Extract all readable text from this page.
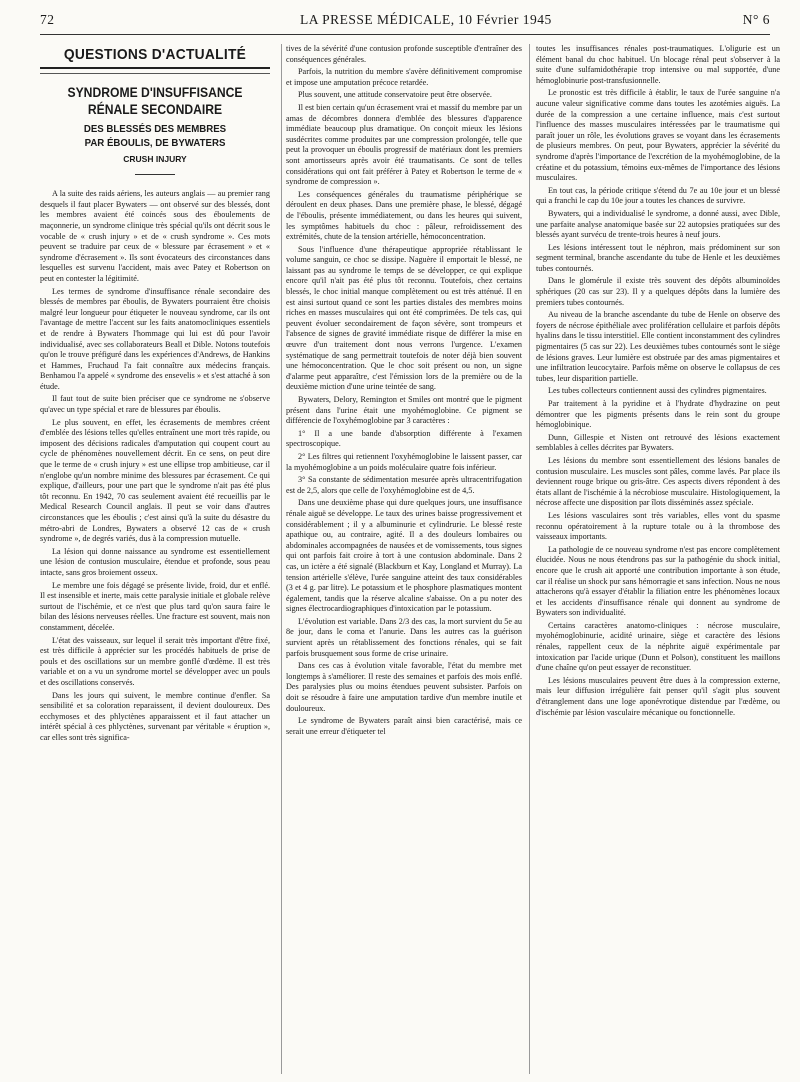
72	LA PRESSE MÉDICALE, 10 Février 1945	N° 6
QUESTIONS D'ACTUALITÉ
SYNDROME D'INSUFFISANCE
RÉNALE SECONDAIRE
DES BLESSÉS DES MEMBRES
PAR ÉBOULIS, DE BYWATERS
CRUSH INJURY

A la suite des raids aériens, les auteurs anglais — au premier rang desquels il faut placer Bywaters — ont observé sur des blessés, dont les membres avaient été coincés sous des éboulements de maçonnerie, un syndrome clinique très spécial qu'ils ont décrit sous le vocable de « crush injury » et de « crush syndrome ». Ces mots peuvent se traduire par ceux de « blessure par écrasement » et « syndrome d'écrasement ». Ils sont évocateurs des circonstances dans lesquelles est survenu l'accident, mais avec Patey et Robertson on peut en contester la légitimité.

Les termes de syndrome d'insuffisance rénale secondaire des blessés de membres par éboulis, de Bywaters pourraient être choisis malgré leur longueur pour étiqueter le nouveau syndrome, car ils ont l'avantage de mettre l'accent sur les faits anatomocliniques essentiels et de rendre à Bywaters l'hommage qui lui est dû pour l'avoir individualisé, avec ses collaborateurs Beall et Dible. Notons toutefois qu'on le trouve préfiguré dans les expériences d'Andrews, de Hankins et Hammes, Fruchaud l'a fait connaître aux médecins français. Benhamou l'a appelé « syndrome des ensevelis » et s'est attaché à son étude.

Il faut tout de suite bien préciser que ce syndrome ne s'observe qu'avec un type spécial et rare de blessures par éboulis.

Le plus souvent, en effet, les écrasements de membres créent d'emblée des lésions telles qu'elles entraînent une mort très rapide, ou imposent des décisions radicales d'amputation qui coupent court au cycle de phénomènes nouvellement décrit. En ce sens, on peut dire que le terme de « crush injury » est une ellipse trop ambitieuse, car il n'englobe qu'un nombre minime des blessures par écrasement. Ce qui explique, d'ailleurs, pour une part que le syndrome n'ait pas été plus tôt reconnu. En 1942, 70 cas seulement avaient été recueillis par le Medical Research Council anglais. Il peut se voir dans d'autres circonstances que les éboulis ; c'est ainsi qu'à la suite du désastre du métro-abri de Londres, Bywaters a observé 12 cas de « crush syndrome », de degrés variés, dus à la compression mutuelle.

La lésion qui donne naissance au syndrome est essentiellement une lésion de contusion musculaire, étendue et profonde, sous peau intacte, sans gros broiement osseux.

Le membre une fois dégagé se présente livide, froid, dur et enflé. Il est insensible et inerte, mais cette paralysie initiale et globale relève surtout de l'ischémie, et ce n'est que plus tard qu'on saura faire le bilan des lésions nerveuses réelles. Une fracture est souvent, mais non constamment, décelée.

L'état des vaisseaux, sur lequel il serait très important d'être fixé, est très difficile à apprécier sur les procédés habituels de prise de pouls et des oscillations sur un membre gonflé d'œdème. Il est très variable et on a vu un syndrome mortel se développer avec un pouls et des oscillations conservés.

Dans les jours qui suivent, le membre continue d'enfler. Sa sensibilité et sa coloration reparaissent, il devient douloureux. Des ecchymoses et des phlyctènes apparaissent et il faut attacher un intérêt spécial à ces phlyctènes, survenant par véritable « éruption », car elles sont très significa-

tives de la sévérité d'une contusion profonde susceptible d'entraîner des conséquences générales.

Parfois, la nutrition du membre s'avère définitivement compromise et impose une amputation précoce retardée.

Plus souvent, une attitude conservatoire peut être observée.

Il est bien certain qu'un écrasement vrai et massif du membre par un amas de décombres donnera d'emblée des blessures d'apparence immédiate beaucoup plus dramatique. On conçoit mieux les lésions susdécrites comme produites par une compression prolongée, telle que peut la provoquer un éboulis progressif de matériaux dont les premiers sont amortisseurs après avoir été traumatisants. Ce sont de telles considérations qui ont fait préférer à Patey et Robertson le terme de « syndrome de compression ».

Les conséquences générales du traumatisme périphérique se déroulent en deux phases. Dans une première phase, le blessé, dégagé de l'éboulis, présente immédiatement, ou dans les heures qui suivent, les symptômes habituels du choc : pâleur, refroidissement des extrémités, chute de la tension artérielle, hémoconcentration.

Sous l'influence d'une thérapeutique appropriée rétablissant le volume sanguin, ce choc se dissipe. Naguère il emportait le blessé, ne laissant pas au syndrome le temps de se développer, ce qui explique encore qu'il n'ait pas été plus tôt reconnu. Toutefois, chez certains blessés, le choc initial manque complètement ou est très atténué. Il en est ainsi surtout quand ce sont les parties distales des membres moins riches en masses musculaires qui ont été comprimées. De tels cas, qui peuvent évoluer secondairement de façon sévère, sont trompeurs et l'absence de signes de gravité immédiate risque de différer la mise en œuvre d'un traitement dont nous verrons l'urgence. L'examen systématique de sang permettrait toutefois de noter déjà bien souvent une hémoconcentration. Que le choc soit présent ou non, un signe d'alarme peut apparaître, c'est l'émission lors de la première ou de la deuxième miction d'une urine teintée de sang.

Bywaters, Delory, Remington et Smiles ont montré que le pigment présent dans l'urine était une myohémoglobine. Ce pigment se différencie de l'oxyhémoglobine par 3 caractères :

1° Il a une bande d'absorption différente à l'examen spectroscopique.

2° Les filtres qui retiennent l'oxyhémoglobine le laissent passer, car la myohémoglobine a un poids moléculaire quatre fois inférieur.

3° Sa constante de sédimentation mesurée après ultracentrifugation est de 2,5, alors que celle de l'oxyhémoglobine est de 4,5.

Dans une deuxième phase qui dure quelques jours, une insuffisance rénale aiguë se développe. Le taux des urines baisse progressivement et considérablement ; il y a albuminurie et cylindrurie. Le blessé reste apathique ou, au contraire, agité. Il a des douleurs lombaires ou abdominales accompagnées de nausées et de vomissements, tous signes qui ont parfois fait croire à tort à une contusion abdominale. Dans 2 cas, un ictère a été signalé (Blackburn et Kay, Longland et Murray). La tension artérielle s'élève, l'urée sanguine atteint des taux considérables (3 et 4 g. par litre). Le potassium et le phosphore plasmatiques montent également, tandis que la réserve alcaline s'abaisse. On a pu noter des signes électrocardiographiques d'intoxication par le potassium.

L'évolution est variable. Dans 2/3 des cas, la mort survient du 5e au 8e jour, dans le coma et l'anurie. Dans les autres cas la guérison survient après un rétablissement des fonctions rénales, qui se fait parfois brusquement sous forme de crise urinaire.

Dans ces cas à évolution vitale favorable, l'état du membre met longtemps à s'améliorer. Il reste des semaines et parfois des mois enflé. Des paralysies plus ou moins étendues peuvent subsister. Parfois on doit se résoudre à faire une amputation tardive d'un membre inutile et douloureux.

Le syndrome de Bywaters paraît ainsi bien caractérisé, mais ce serait une erreur d'étiqueter tel

toutes les insuffisances rénales post-traumatiques. L'oligurie est un élément banal du choc habituel. Un blocage rénal peut s'observer à la suite d'une sulfamidothérapie trop intensive ou mal supportée, d'une hémoglobinurie post-transfusionnelle.

Le pronostic est très difficile à établir, le taux de l'urée sanguine n'a aucune valeur significative comme dans toutes les azotémies aiguës. La durée de la compression a une certaine influence, mais c'est surtout l'influence des masses musculaires intéressées par le traumatisme qui paraît jouer un rôle, les évolutions graves se voyant dans les écrasements de plusieurs membres. On peut, pour Bywaters, apprécier la sévérité du syndrome d'après l'importance de l'excrétion de la myohémoglobine, de la créatine et du potassium, témoins eux-mêmes de l'importance des lésions musculaires.

En tout cas, la période critique s'étend du 7e au 10e jour et un blessé qui a franchi le cap du 10e jour a toutes les chances de survivre.

Bywaters, qui a individualisé le syndrome, a donné aussi, avec Dible, une parfaite analyse anatomique basée sur 22 autopsies pratiquées sur des blessés ayant survécu de trente-trois heures à neuf jours.

Les lésions intéressent tout le néphron, mais prédominent sur son segment terminal, branche ascendante du tube de Henle et les deuxièmes tubes contournés.

Dans le glomérule il existe très souvent des dépôts albuminoïdes sphériques (20 cas sur 23). Il y a quelques dépôts dans la lumière des premiers tubes contournés.

Au niveau de la branche ascendante du tube de Henle on observe des foyers de nécrose épithéliale avec prolifération cellulaire et parfois dépôts hyalins dans le tissu interstitiel. Elle contient inconstamment des cylindres pigmentaires (5 cas sur 22). Les deuxièmes tubes contournés sont le siège de lésions graves. Leur lumière est obstruée par des amas pigmentaires et une infiltration leucocytaire. Parfois même on observe le collapsus de ces tubes, leur disparition partielle.

Les tubes collecteurs contiennent aussi des cylindres pigmentaires.

Par traitement à la pyridine et à l'hydrate d'hydrazine on peut démontrer que les pigments présents dans le rein sont du groupe hémoglobinique.

Dunn, Gillespie et Nisten ont retrouvé des lésions exactement semblables à celles décrites par Bywaters.

Les lésions du membre sont essentiellement des lésions banales de contusion musculaire. Les muscles sont pâles, comme lavés. Par place ils deviennent rouge brique ou gris-âtre. Ces aspects divers répondent à des états allant de l'ischémie à la nécrobiose musculaire. Histologiquement, la nécrose affecte une disposition par îlots disséminés assez spéciale.

Les lésions vasculaires sont très variables, elles vont du spasme reconnu opératoirement à la rupture totale ou à la thrombose des vaisseaux importants.

La pathologie de ce nouveau syndrome n'est pas encore complètement élucidée. Nous ne nous étendrons pas sur la pathogénie du shock initial, encore que le crush ait apporté une contribution importante à son étude, car il réalise un shock pur sans hémorragie et sans infection. Nous ne nous attacherons qu'à essayer d'établir la filiation entre les phénomènes locaux et les accidents d'insuffisance rénale qui donnent au syndrome de Bywaters son individualité.

Certains caractères anatomo-cliniques : nécrose musculaire, myohémoglobinurie, acidité urinaire, siège et caractère des lésions rénales, rappellent ceux de la néphrite aiguë expérimentale par intoxication par l'acide urique (Dunn et Polson), constituent les maillons d'une chaîne qu'on peut essayer de reconstituer.

Les lésions musculaires peuvent être dues à la compression externe, mais leur diffusion irrégulière fait penser qu'il s'agit plus souvent d'étranglement dans une loge aponévrotique distendue par l'œdème, ou d'ischémie par lésion vasculaire mécanique ou fonctionnelle.
